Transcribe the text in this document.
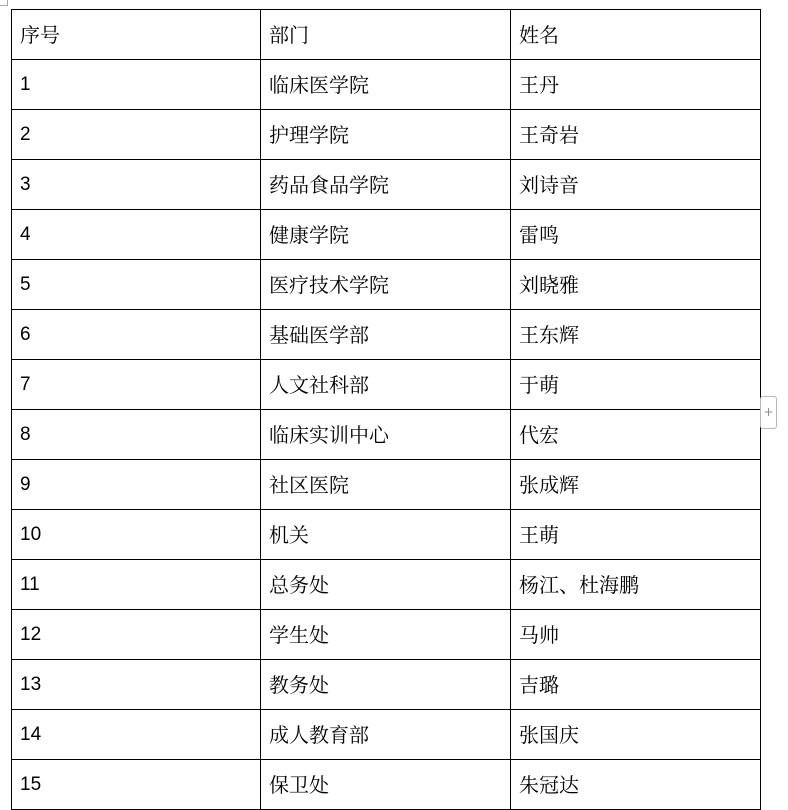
序号	部门	姓名
1	临床医学院	王丹
2	护理学院	王奇岩
3	药品食品学院	刘诗音
4	健康学院	雷鸣
5	医疗技术学院	刘晓雅
6	基础医学部	王东辉
7	人文社科部	于萌
8	临床实训中心	代宏
9	社区医院	张成辉
10	机关	王萌
11	总务处	杨江、杜海鹏
12	学生处	马帅
13	教务处	吉璐
14	成人教育部	张国庆
15	保卫处	朱冠达
+
